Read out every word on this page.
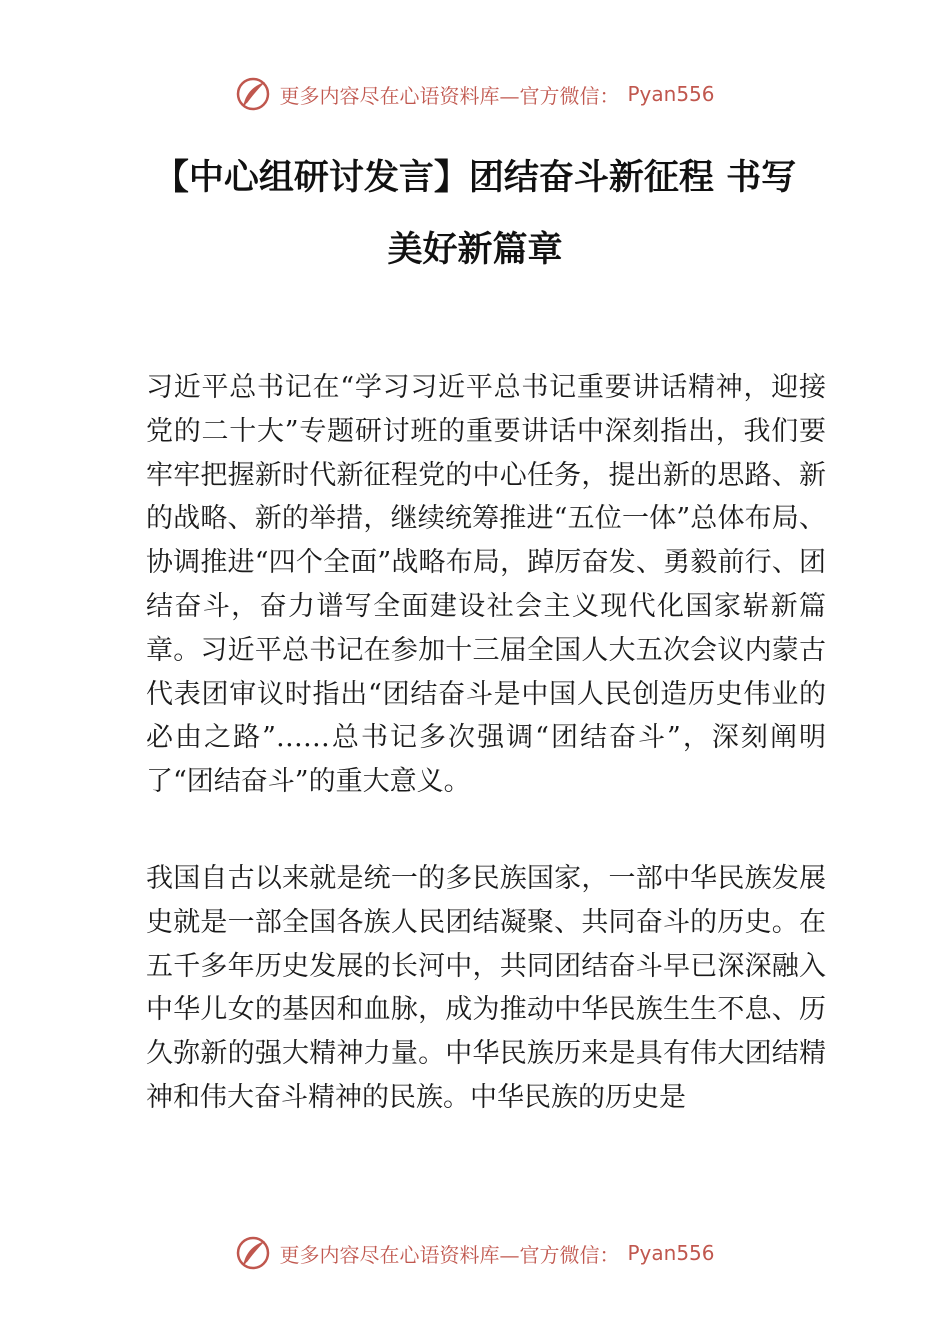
更多内容尽在心语资料库—官方微信： Pyan556
【中心组研讨发言】团结奋斗新征程 书写
美好新篇章

习近平总书记在“学习习近平总书记重要讲话精神，迎接党的二十大”专题研讨班的重要讲话中深刻指出，我们要牢牢把握新时代新征程党的中心任务，提出新的思路、新的战略、新的举措，继续统筹推进“五位一体”总体布局、协调推进“四个全面”战略布局，踔厉奋发、勇毅前行、团结奋斗，奋力谱写全面建设社会主义现代化国家崭新篇章。习近平总书记在参加十三届全国人大五次会议内蒙古代表团审议时指出“团结奋斗是中国人民创造历史伟业的必由之路”……总书记多次强调“团结奋斗”，深刻阐明了“团结奋斗”的重大意义。

我国自古以来就是统一的多民族国家，一部中华民族发展史就是一部全国各族人民团结凝聚、共同奋斗的历史。在五千多年历史发展的长河中，共同团结奋斗早已深深融入中华儿女的基因和血脉，成为推动中华民族生生不息、历久弥新的强大精神力量。中华民族历来是具有伟大团结精神和伟大奋斗精神的民族。中华民族的历史是

更多内容尽在心语资料库—官方微信： Pyan556
